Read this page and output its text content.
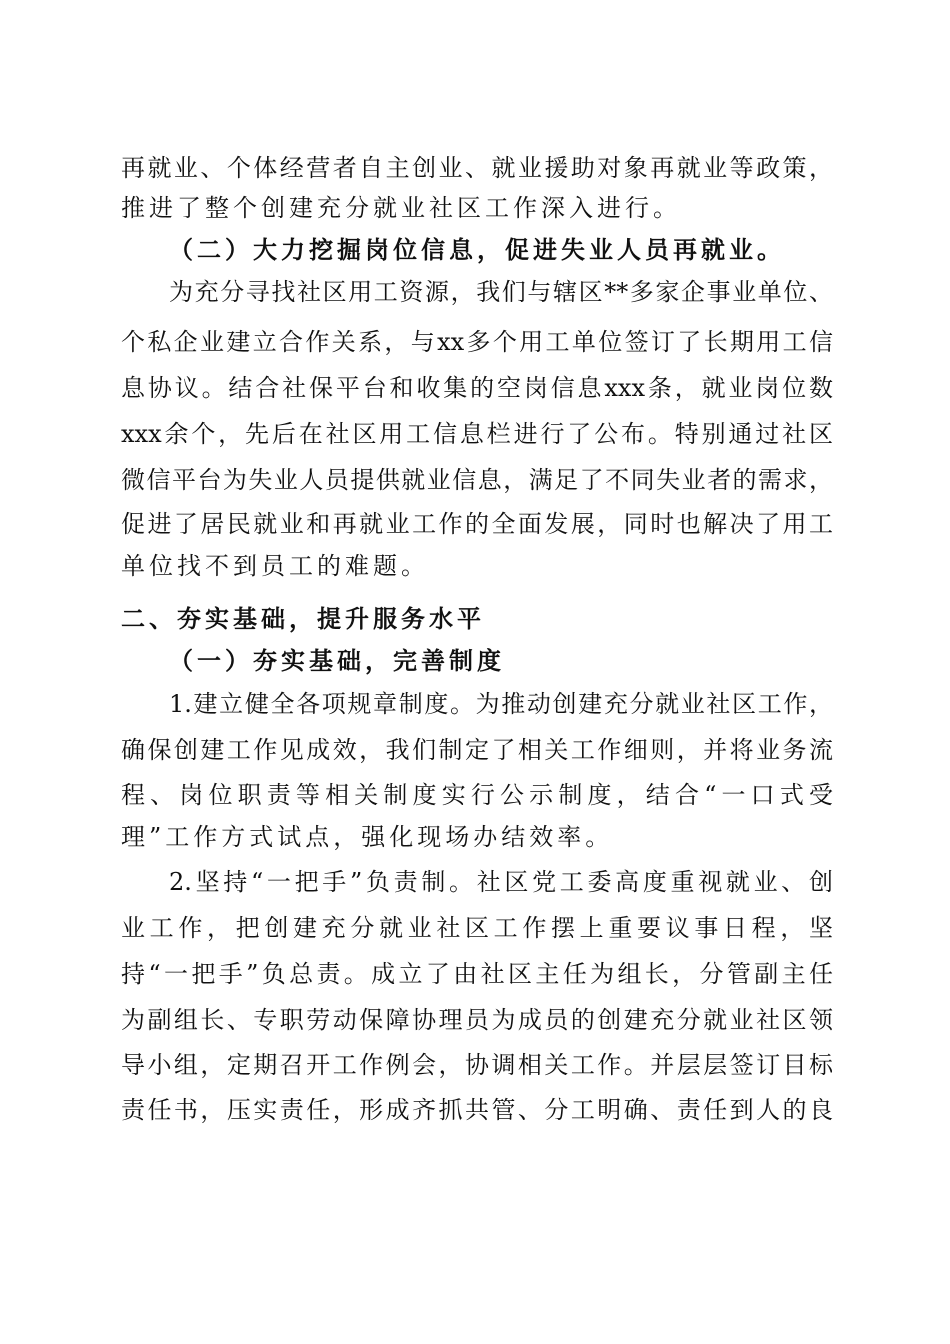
再就业、个体经营者自主创业、就业援助对象再就业等政策，
推进了整个创建充分就业社区工作深入进行。
（二）大力挖掘岗位信息，促进失业人员再就业。
为充分寻找社区用工资源，我们与辖区**多家企事业单位、
个私企业建立合作关系，与xx多个用工单位签订了长期用工信
息协议。结合社保平台和收集的空岗信息xxx条，就业岗位数
xxx余个，先后在社区用工信息栏进行了公布。特别通过社区
微信平台为失业人员提供就业信息，满足了不同失业者的需求，
促进了居民就业和再就业工作的全面发展，同时也解决了用工
单位找不到员工的难题。
二、夯实基础，提升服务水平
（一）夯实基础，完善制度
1.建立健全各项规章制度。为推动创建充分就业社区工作，
确保创建工作见成效，我们制定了相关工作细则，并将业务流
程、岗位职责等相关制度实行公示制度，结合“一口式受
理”工作方式试点，强化现场办结效率。
2.坚持“一把手”负责制。社区党工委高度重视就业、创
业工作，把创建充分就业社区工作摆上重要议事日程，坚
持“一把手”负总责。成立了由社区主任为组长，分管副主任
为副组长、专职劳动保障协理员为成员的创建充分就业社区领
导小组，定期召开工作例会，协调相关工作。并层层签订目标
责任书，压实责任，形成齐抓共管、分工明确、责任到人的良
